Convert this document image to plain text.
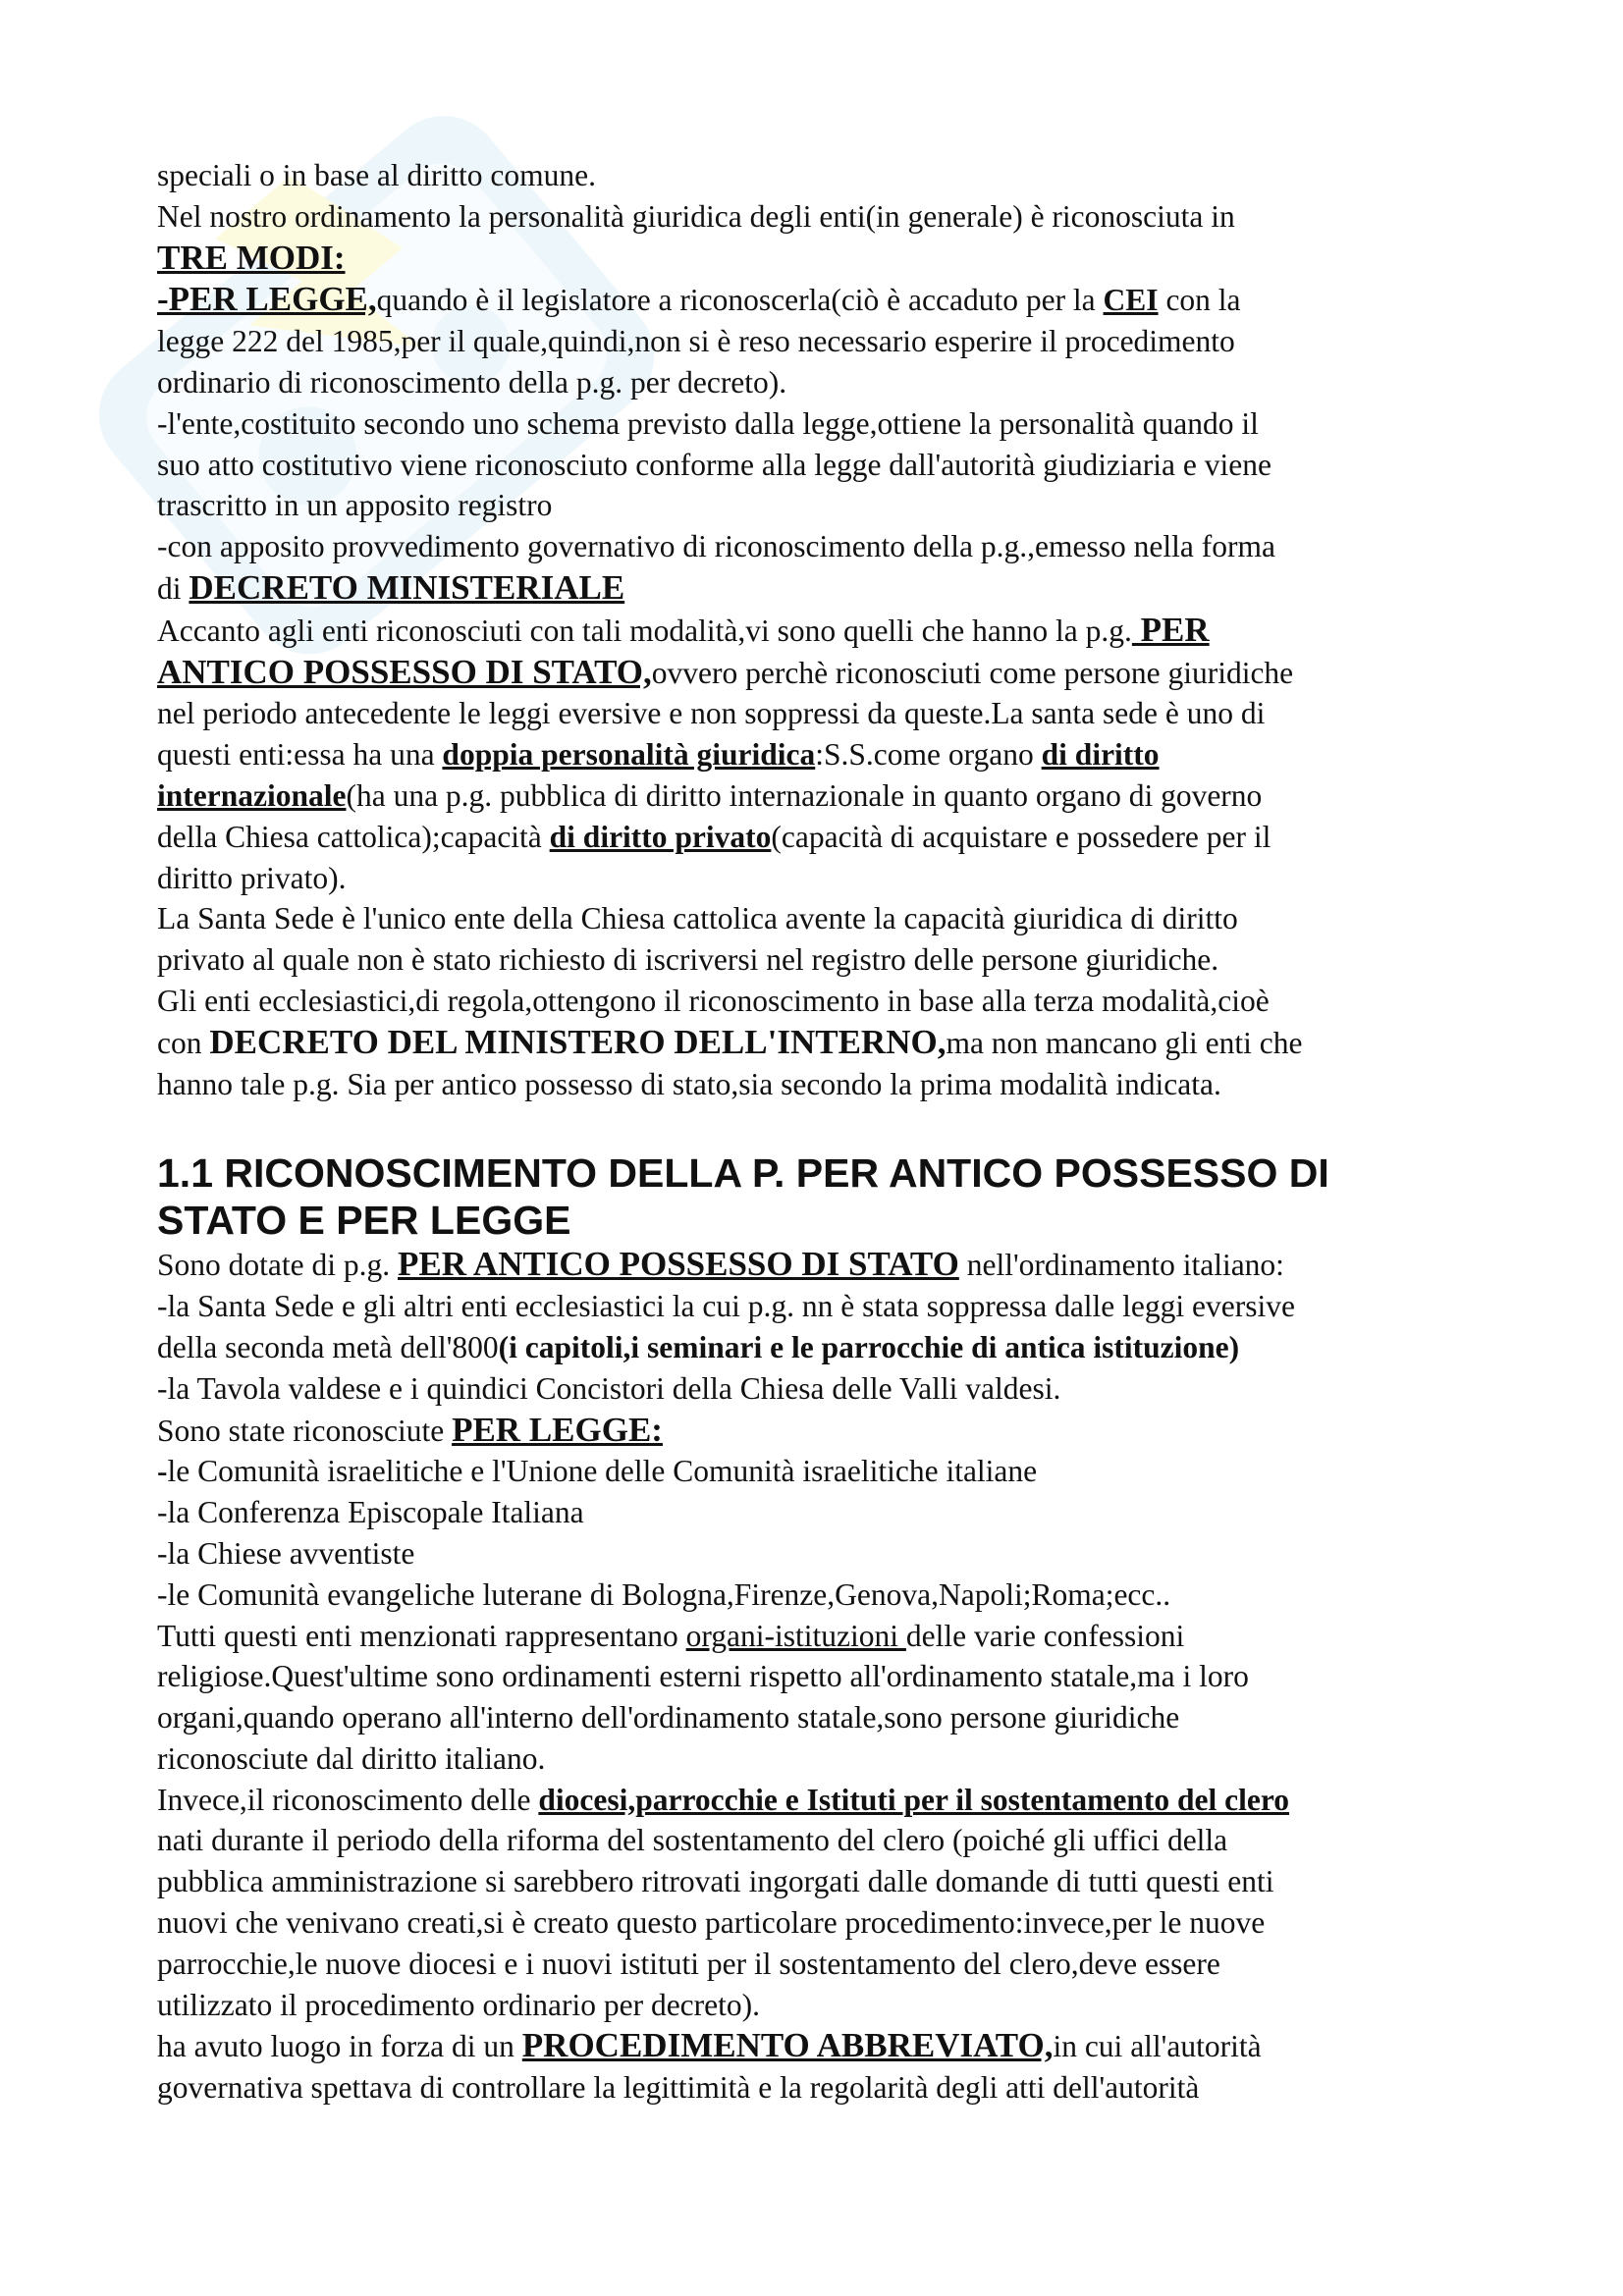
speciali o in base al diritto comune.

Nel nostro ordinamento la personalità giuridica degli enti(in generale) è riconosciuta in

TRE MODI:

-PER LEGGE,quando è il legislatore a riconoscerla(ciò è accaduto per la CEI con la

legge 222 del 1985,per il quale,quindi,non si è reso necessario esperire il procedimento

ordinario di riconoscimento della p.g. per decreto).

-l'ente,costituito secondo uno schema previsto dalla legge,ottiene la personalità quando il

suo atto costitutivo viene riconosciuto conforme alla legge dall'autorità giudiziaria e viene

trascritto in un apposito registro

-con apposito provvedimento governativo di riconoscimento della p.g.,emesso nella forma

di DECRETO MINISTERIALE

Accanto agli enti riconosciuti con tali modalità,vi sono quelli che hanno la p.g. PER

ANTICO POSSESSO DI STATO,ovvero perchè riconosciuti come persone giuridiche

nel periodo antecedente le leggi eversive e non soppressi da queste.La santa sede è uno di

questi enti:essa ha una doppia personalità giuridica:S.S.come organo di diritto

internazionale(ha una p.g. pubblica di diritto internazionale in quanto organo di governo

della Chiesa cattolica);capacità di diritto privato(capacità di acquistare e possedere per il

diritto privato).

La Santa Sede è l'unico ente della Chiesa cattolica avente la capacità giuridica di diritto

privato al quale non è stato richiesto di iscriversi nel registro delle persone giuridiche.

Gli enti ecclesiastici,di regola,ottengono il riconoscimento in base alla terza modalità,cioè

con DECRETO DEL MINISTERO DELL'INTERNO,ma non mancano gli enti che

hanno tale p.g. Sia per antico possesso di stato,sia secondo la prima modalità indicata.

1.1 RICONOSCIMENTO DELLA P. PER ANTICO POSSESSO DI
STATO E PER LEGGE

Sono dotate di p.g. PER ANTICO POSSESSO DI STATO nell'ordinamento italiano:

-la Santa Sede e gli altri enti ecclesiastici la cui p.g. nn è stata soppressa dalle leggi eversive

della seconda metà dell'800(i capitoli,i seminari e le parrocchie di antica istituzione)

-la Tavola valdese e i quindici Concistori della Chiesa delle Valli valdesi.

Sono state riconosciute PER LEGGE:

-le Comunità israelitiche e l'Unione delle Comunità israelitiche italiane

-la Conferenza Episcopale Italiana

-la Chiese avventiste

-le Comunità evangeliche luterane di Bologna,Firenze,Genova,Napoli;Roma;ecc..

Tutti questi enti menzionati rappresentano organi-istituzioni delle varie confessioni

religiose.Quest'ultime sono ordinamenti esterni rispetto all'ordinamento statale,ma i loro

organi,quando operano all'interno dell'ordinamento statale,sono persone giuridiche

riconosciute dal diritto italiano.

Invece,il riconoscimento delle diocesi,parrocchie e Istituti per il sostentamento del clero

nati durante il periodo della riforma del sostentamento del clero (poiché gli uffici della

pubblica amministrazione si sarebbero ritrovati ingorgati dalle domande di tutti questi enti

nuovi che venivano creati,si è creato questo particolare procedimento:invece,per le nuove

parrocchie,le nuove diocesi e i nuovi istituti per il sostentamento del clero,deve essere

utilizzato il procedimento ordinario per decreto).

ha avuto luogo in forza di un PROCEDIMENTO ABBREVIATO,in cui all'autorità

governativa spettava di controllare la legittimità e la regolarità degli atti dell'autorità
